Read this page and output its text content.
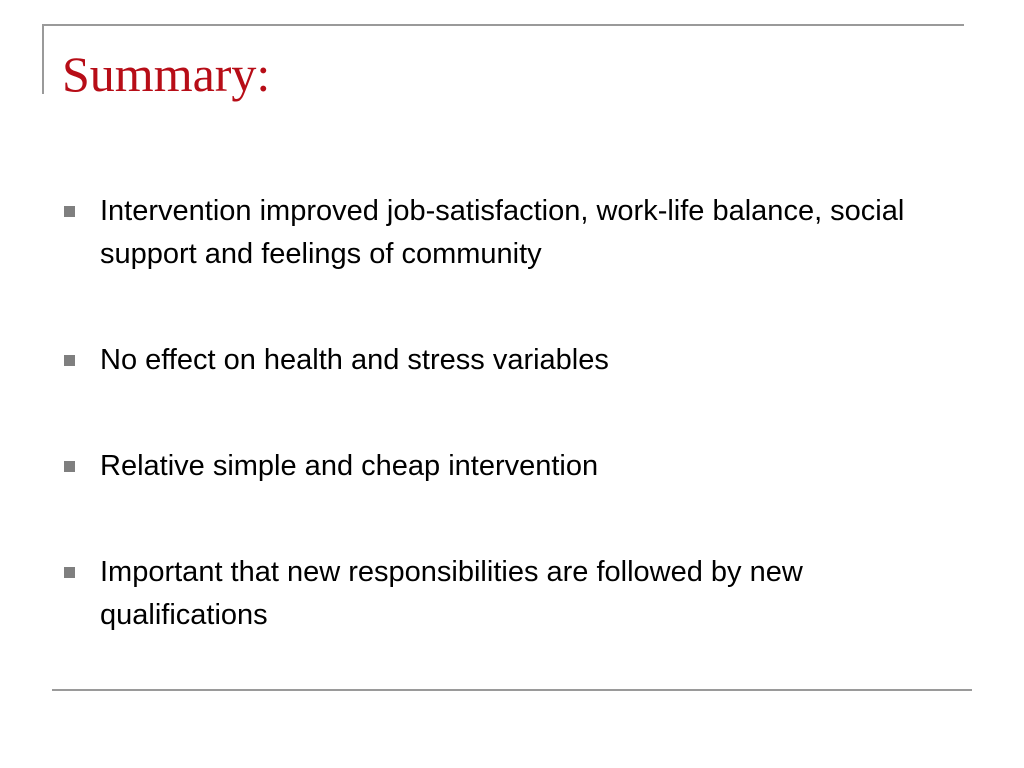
Summary:
Intervention improved job-satisfaction, work-life balance, social support and feelings of community
No effect on health and stress variables
Relative simple and cheap intervention
Important that new responsibilities are followed by new qualifications
